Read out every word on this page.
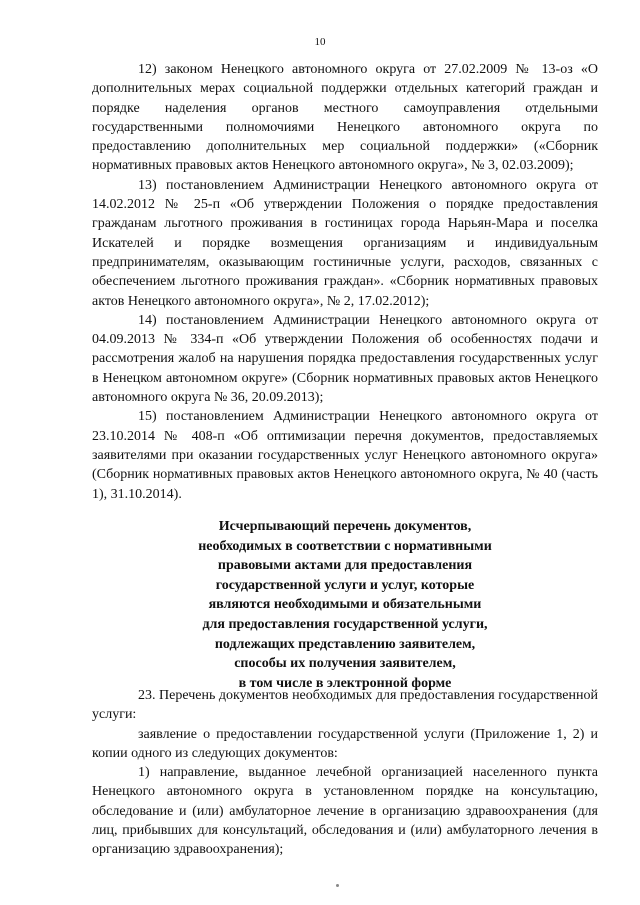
10

12) законом Ненецкого автономного округа от 27.02.2009 № 13-оз «О дополнительных мерах социальной поддержки отдельных категорий граждан и порядке наделения органов местного самоуправления отдельными государственными полномочиями Ненецкого автономного округа по предоставлению дополнительных мер социальной поддержки» («Сборник нормативных правовых актов Ненецкого автономного округа», № 3, 02.03.2009);

13) постановлением Администрации Ненецкого автономного округа от 14.02.2012 № 25-п «Об утверждении Положения о порядке предоставления гражданам льготного проживания в гостиницах города Нарьян-Мара и поселка Искателей и порядке возмещения организациям и индивидуальным предпринимателям, оказывающим гостиничные услуги, расходов, связанных с обеспечением льготного проживания граждан». «Сборник нормативных правовых актов Ненецкого автономного округа», № 2, 17.02.2012);

14) постановлением Администрации Ненецкого автономного округа от 04.09.2013 № 334-п «Об утверждении Положения об особенностях подачи и рассмотрения жалоб на нарушения порядка предоставления государственных услуг в Ненецком автономном округе» (Сборник нормативных правовых актов Ненецкого автономного округа № 36, 20.09.2013);

15) постановлением Администрации Ненецкого автономного округа от 23.10.2014 № 408-п «Об оптимизации перечня документов, предоставляемых заявителями при оказании государственных услуг Ненецкого автономного округа» (Сборник нормативных правовых актов Ненецкого автономного округа, № 40 (часть 1), 31.10.2014).

Исчерпывающий перечень документов,
необходимых в соответствии с нормативными
правовыми актами для предоставления
государственной услуги и услуг, которые
являются необходимыми и обязательными
для предоставления государственной услуги,
подлежащих представлению заявителем,
способы их получения заявителем,
в том числе в электронной форме

23. Перечень документов необходимых для предоставления государственной услуги:

заявление о предоставлении государственной услуги (Приложение 1, 2) и копии одного из следующих документов:

1) направление, выданное лечебной организацией населенного пункта Ненецкого автономного округа в установленном порядке на консультацию, обследование и (или) амбулаторное лечение в организацию здравоохранения (для лиц, прибывших для консультаций, обследования и (или) амбулаторного лечения в организацию здравоохранения);
